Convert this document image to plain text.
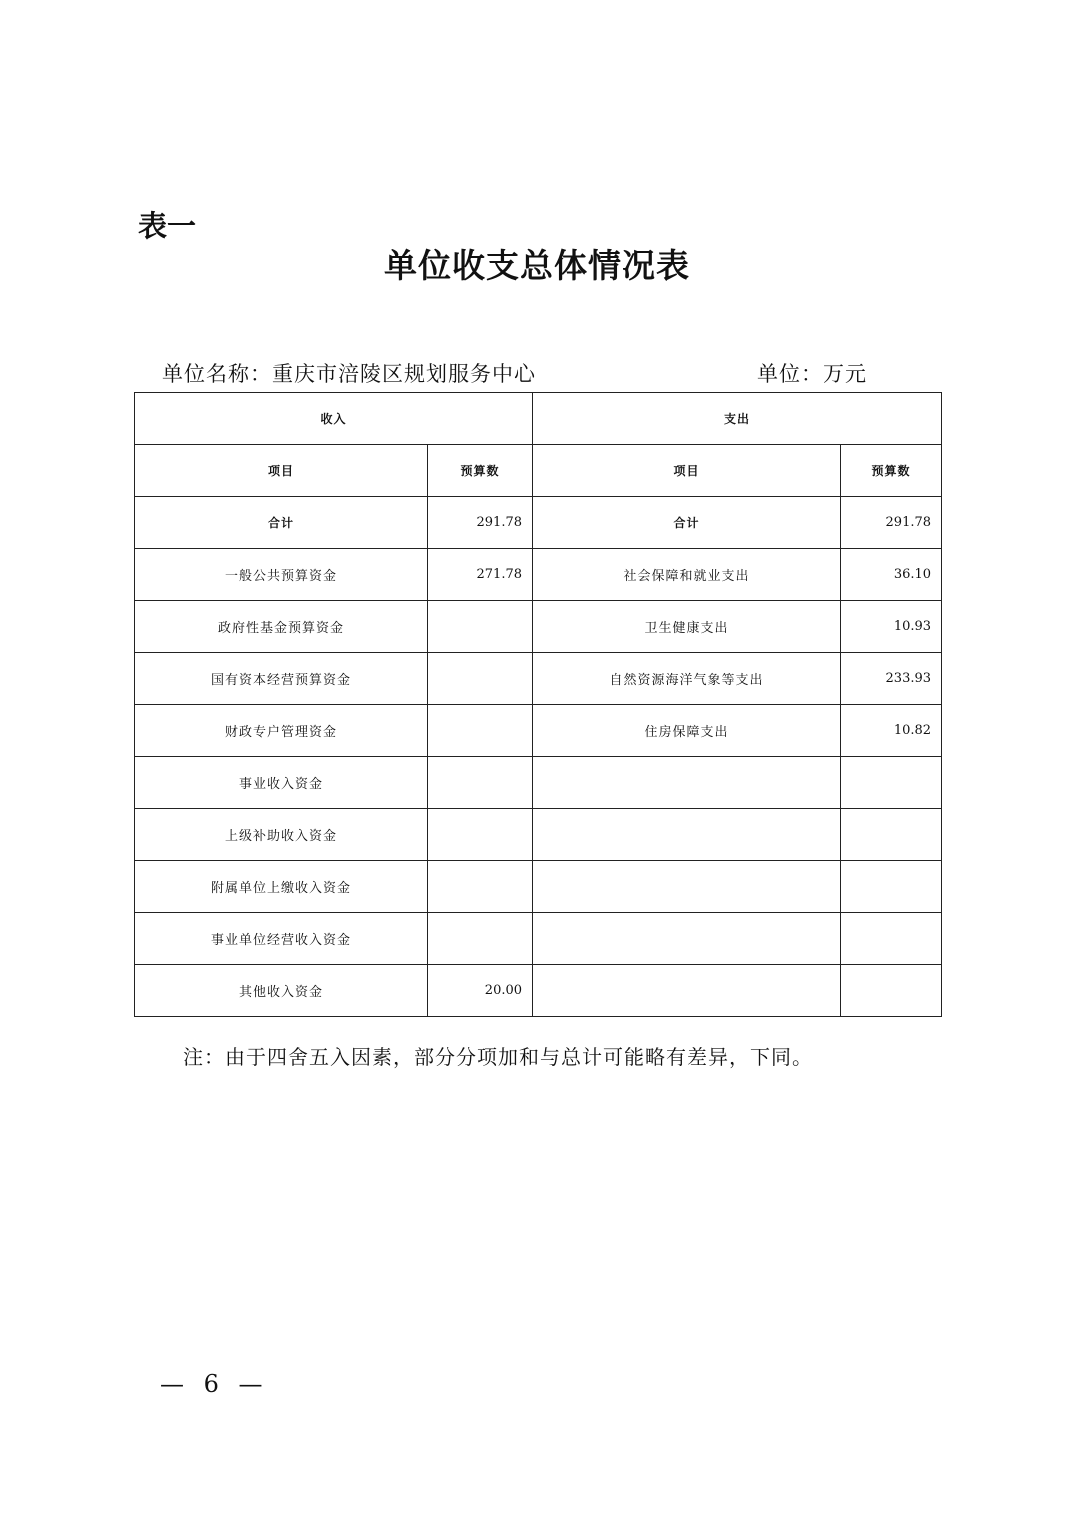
表一
单位收支总体情况表
单位名称：重庆市涪陵区规划服务中心	单位：万元
收入		支出	
项目	预算数	项目	预算数
合计	291.78	合计	291.78
一般公共预算资金	271.78	社会保障和就业支出	36.10
政府性基金预算资金		卫生健康支出	10.93
国有资本经营预算资金		自然资源海洋气象等支出	233.93
财政专户管理资金		住房保障支出	10.82
事业收入资金			
上级补助收入资金			
附属单位上缴收入资金			
事业单位经营收入资金			
其他收入资金	20.00		
注：由于四舍五入因素，部分分项加和与总计可能略有差异，下同。
— 6 —
